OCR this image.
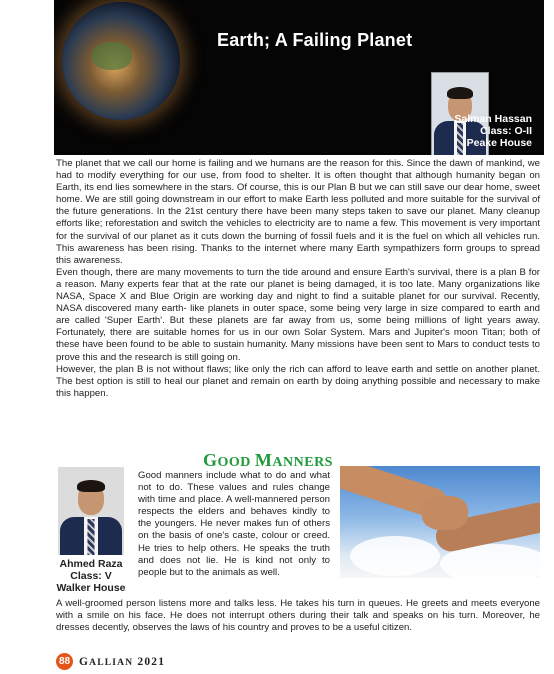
Earth; A Failing Planet
Salman Hassan
Class: O-II
Peake House

The planet that we call our home is failing and we humans are the reason for this. Since the dawn of mankind, we had to modify everything for our use, from food to shelter. It is often thought that although humanity began on Earth, its end lies somewhere in the stars. Of course, this is our Plan B but we can still save our dear home, sweet home. We are still going downstream in our effort to make Earth less polluted and more suitable for the survival of the future generations. In the 21st century there have been many steps taken to save our planet. Many cleanup efforts like; reforestation and switch the vehicles to electricity are to name a few. This movement is very important for the survival of our planet as it cuts down the burning of fossil fuels and it is the fuel on which all vehicles run. This awareness has been rising. Thanks to the internet where many Earth sympathizers form groups to spread this awareness.

Even though, there are many movements to turn the tide around and ensure Earth's survival, there is a plan B for a reason. Many experts fear that at the rate our planet is being damaged, it is too late. Many organizations like NASA, Space X and Blue Origin are working day and night to find a suitable planet for our survival. Recently, NASA discovered many earth- like planets in outer space, some being very large in size compared to earth and are called 'Super Earth'. But these planets are far away from us, some being millions of light years away. Fortunately, there are suitable homes for us in our own Solar System. Mars and Jupiter's moon Titan; both of these have been found to be able to sustain humanity. Many missions have been sent to Mars to conduct tests to prove this and the research is still going on.

However, the plan B is not without flaws; like only the rich can afford to leave earth and settle on another planet. The best option is still to heal our planet and remain on earth by doing anything possible and necessary to make this happen.

GOOD MANNERS
Ahmed Raza
Class: V
Walker House
Good manners include what to do and what not to do. These values and rules change with time and place. A well-mannered person respects the elders and behaves kindly to the youngers. He never makes fun of others on the basis of one's caste, colour or creed. He tries to help others. He speaks the truth and does not lie. He is kind not only to people but to the animals as well.
A well-groomed person listens more and talks less. He takes his turn in queues. He greets and meets everyone with a smile on his face. He does not interrupt others during their talk and speaks on his turn. Moreover, he dresses decently, observes the laws of his country and proves to be a useful citizen.
88 GALLIAN 2021
